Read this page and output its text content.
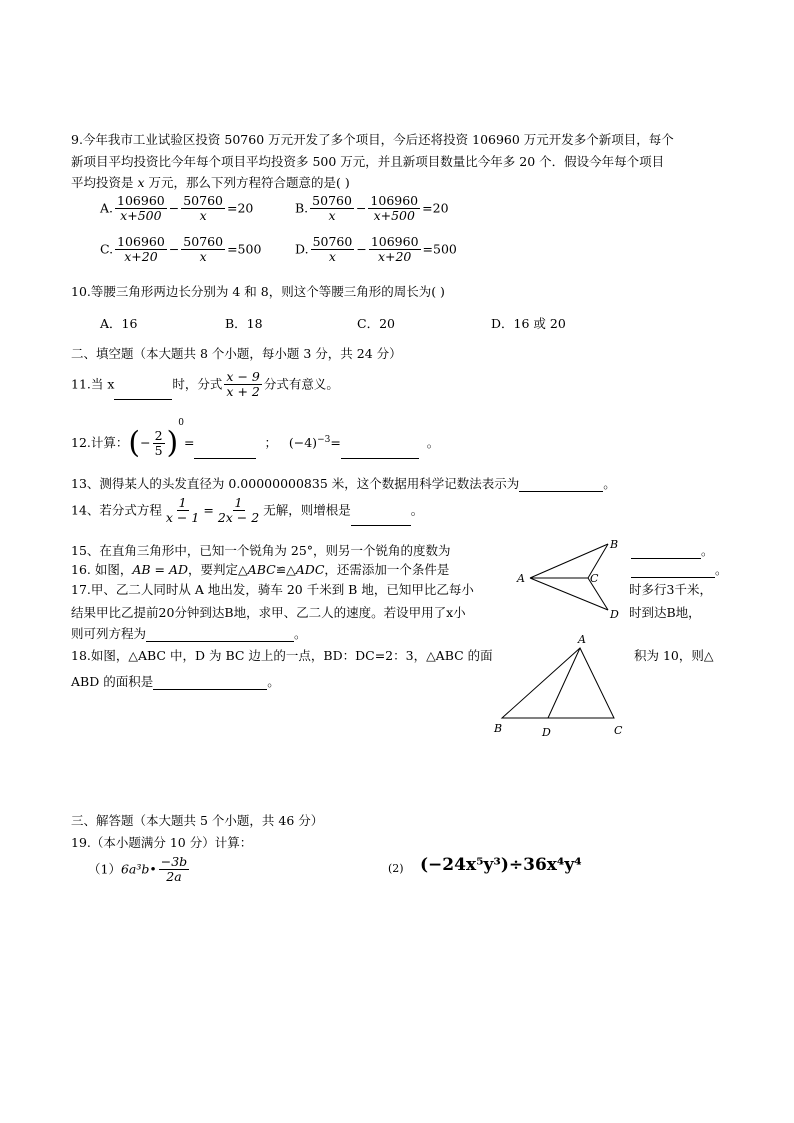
9.今年我市工业试验区投资 50760 万元开发了多个项目，今后还将投资 106960 万元开发多个新项目，每个
新项目平均投资比今年每个项目平均投资多 500 万元，并且新项目数量比今年多 20 个．假设今年每个项目
平均投资是 x 万元，那么下列方程符合题意的是( )
A. $\frac{106960}{x+500} - \frac{50760}{x} =20$	B. $\frac{50760}{x} - \frac{106960}{x+500} =20$
C. $\frac{106960}{x+20} - \frac{50760}{x} =500$	D. $\frac{50760}{x} - \frac{106960}{x+20} =500$
10.等腰三角形两边长分别为 4 和 8，则这个等腰三角形的周长为( )
A．16	B．18	C．20	D．16 或 20
二、填空题（本大题共 8 个小题，每小题 3 分，共 24 分）
11.当 x	时，分式 $\frac{x - 9}{x + 2}$ 分式有意义。
12.计算：(− $\frac{2}{5} )^0=$	； $(-4)^{-3}=$	。
13、测得某人的头发直径为 0.00000000835 米，这个数据用科学记数法表示为	。
14、若分式方程 $\frac{1}{x - 1} = \frac{1}{2x - 2}$ 无解，则增根是	。
15、在直角三角形中，已知一个锐角为 25°，则另一个锐角的度数为	。
16. 如图，AB = AD，要判定△ABC≌△ADC，还需添加一个条件是	。
17.甲、乙二人同时从 A 地出发，骑车 20 千米到 B 地，已知甲比乙每小	时多行3千米，
结果甲比乙提前20分钟到达B地，求甲、乙二人的速度。若设甲用了x小	时到达B地，
则可列方程为	。
18.如图，△ABC 中，D 为 BC 边上的一点，BD：DC=2：3，△ABC 的面	积为 10，则△
ABD 的面积是	。
A
B
C
D
A
B	D	C
三、解答题（本大题共 5 个小题，共 46 分）
19.（本小题满分 10 分）计算：
（1）6a³b• $\frac{-3b}{2a}$	(2) (−24x⁵y³)÷36x⁴y⁴
